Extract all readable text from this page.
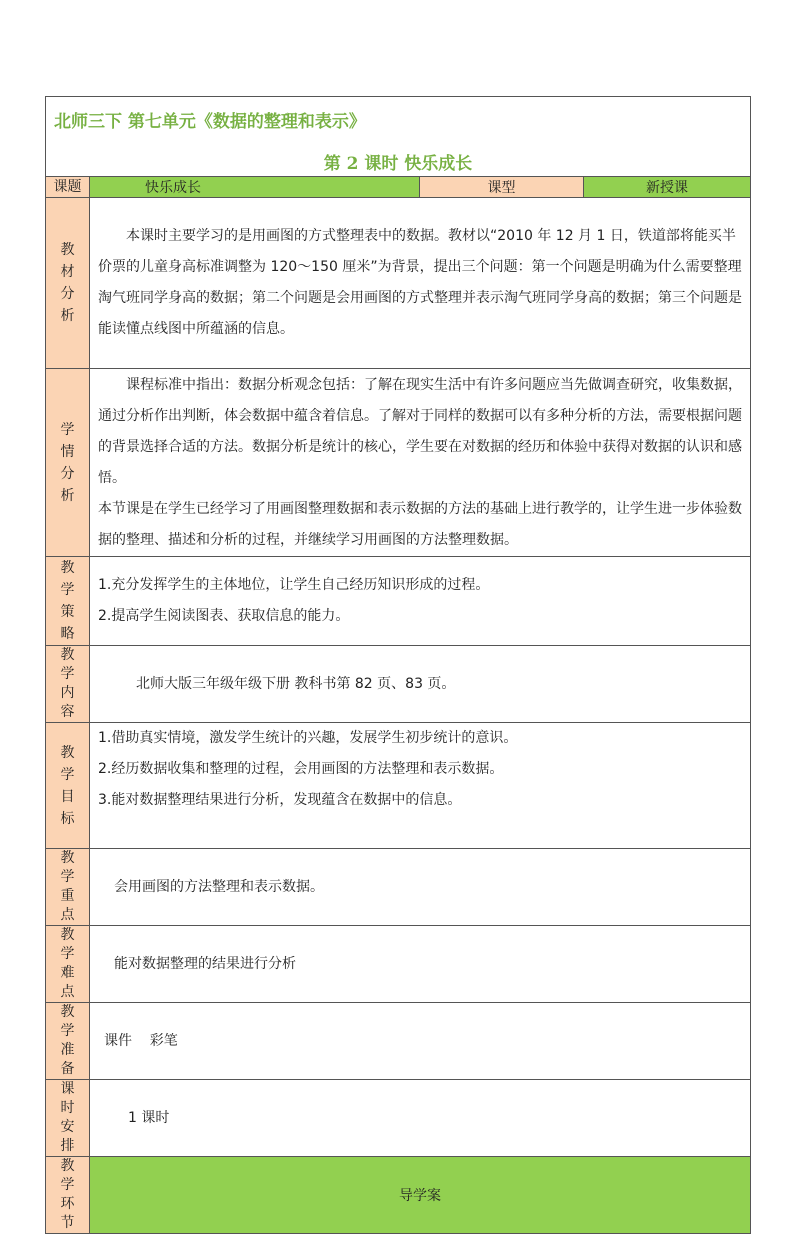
北师三下 第七单元《数据的整理和表示》
第 2 课时 快乐成长			

课题	快乐成长	课型	新授课
教材分析	本课时主要学习的是用画图的方式整理表中的数据。教材以“2010 年 12 月 1 日，铁道部将能买半价票的儿童身高标准调整为 120～150 厘米”为背景，提出三个问题：第一个问题是明确为什么需要整理淘气班同学身高的数据；第二个问题是会用画图的方式整理并表示淘气班同学身高的数据；第三个问题是能读懂点线图中所蕴涵的信息。		

学情分析	课程标准中指出：数据分析观念包括：了解在现实生活中有许多问题应当先做调查研究，收集数据，通过分析作出判断，体会数据中蕴含着信息。了解对于同样的数据可以有多种分析的方法，需要根据问题的背景选择合适的方法。数据分析是统计的核心，学生要在对数据的经历和体验中获得对数据的认识和感悟。

本节课是在学生已经学习了用画图整理数据和表示数据的方法的基础上进行教学的，让学生进一步体验数据的整理、描述和分析的过程，并继续学习用画图的方法整理数据。		

教学策略	1.充分发挥学生的主体地位，让学生自己经历知识形成的过程。

2.提高学生阅读图表、获取信息的能力。		

教学内容	北师大版三年级年级下册 教科书第 82 页、83 页。		
教学目标	1.借助真实情境，激发学生统计的兴趣，发展学生初步统计的意识。

2.经历数据收集和整理的过程，会用画图的方法整理和表示数据。

3.能对数据整理结果进行分析，发现蕴含在数据中的信息。		

教学重点	会用画图的方法整理和表示数据。		
教学难点	能对数据整理的结果进行分析		
教学准备	课件    彩笔		
课时安排	1 课时		
教学环节	导学案		
